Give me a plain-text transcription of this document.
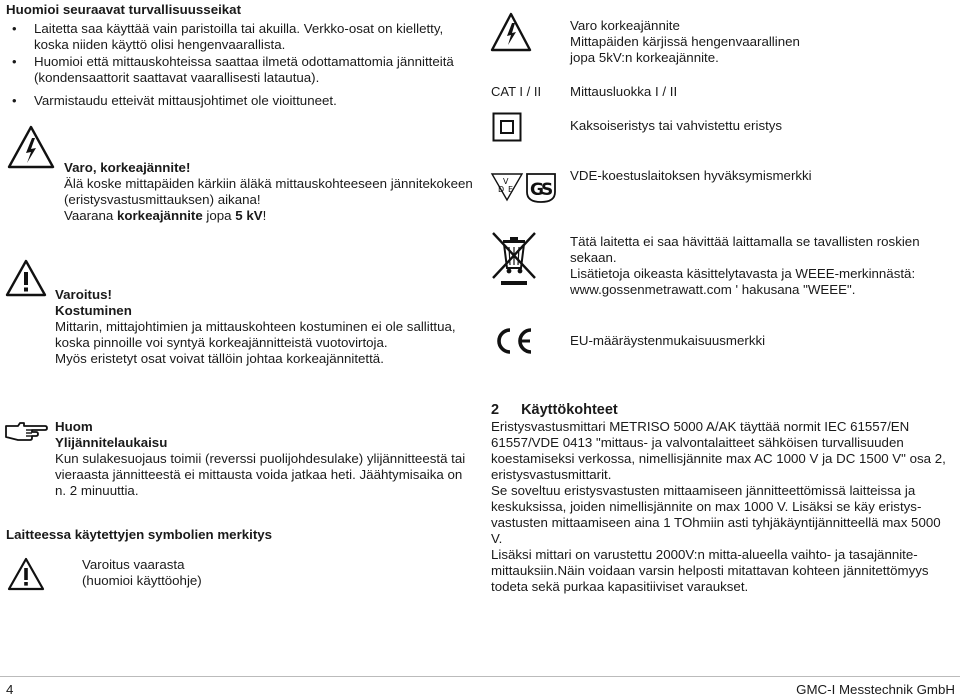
Huomioi seuraavat turvallisuusseikat
• Laitetta saa käyttää vain paristoilla tai akuilla. Verkko-osat on kielletty, koska niiden käyttö olisi hengenvaarallista.
• Huomioi että mittauskohteissa saattaa ilmetä odottamattomia jännitteitä (kondensaattorit saattavat vaarallisesti latautua).
• Varmistaudu etteivät mittausjohtimet ole vioittuneet.
Varo, korkeajännite!

Älä koske mittapäiden kärkiin äläkä mittauskohteeseen jännitekokeen (eristysvastusmittauksen) aikana!

Vaarana korkeajännite jopa 5 kV!

Varoitus!
Kostuminen

Mittarin, mittajohtimien ja mittauskohteen kostuminen ei ole sallittua, koska pinnoille voi syntyä korkeajännitteistä vuotovirtoja.

Myös eristetyt osat voivat tällöin johtaa korkeajännitettä.

Huom
Ylijännitelaukaisu

Kun sulakesuojaus toimii (reverssi puolijohdesulake) ylijännitteestä tai vieraasta jännitteestä ei mittausta voida jatkaa heti. Jäähtymisaika on n. 2 minuuttia.

Laitteessa käytettyjen symbolien merkitys
Varoitus vaarasta
(huomioi käyttöohje)
Varo korkeajännite
Mittapäiden kärjissä hengenvaarallinen
jopa 5kV:n korkeajännite.
CAT I / II Mittausluokka I / II
Kaksoiseristys tai vahvistettu eristys
V
D E G
S
VDE-koestuslaitoksen hyväksymismerkki
Tätä laitetta ei saa hävittää laittamalla se tavallisten roskien
sekaan.
Lisätietoja oikeasta käsittelytavasta ja WEEE-merkinnästä:
www.gossenmetrawatt.com ' hakusana "WEEE".
EU-määräystenmukaisuusmerkki
2 Käyttökohteet

Eristysvastusmittari METRISO 5000 A/AK täyttää normit IEC 61557/EN 61557/VDE 0413 "mittaus- ja valvontalaitteet sähköisen turvallisuuden koestamiseksi verkossa, nimellisjännite max AC 1000 V ja DC 1500 V" osa 2, eristysvastusmittarit.

Se soveltuu eristysvastusten mittaamiseen jännitteettömissä laitteissa ja keskuksissa, joiden nimellisjännite on max 1000 V. Lisäksi se käy eristysvastusten mittaamiseen aina 1 TOhmiin asti tyhjäkäyntijännitteellä max 5000 V.

Lisäksi mittari on varustettu 2000V:n mitta-alueella vaihto- ja tasajännitemittauksiin.Näin voidaan varsin helposti mitattavan kohteen jännitettömyys todeta sekä purkaa kapasitiiviset varaukset.

4	GMC-I Messtechnik GmbH
